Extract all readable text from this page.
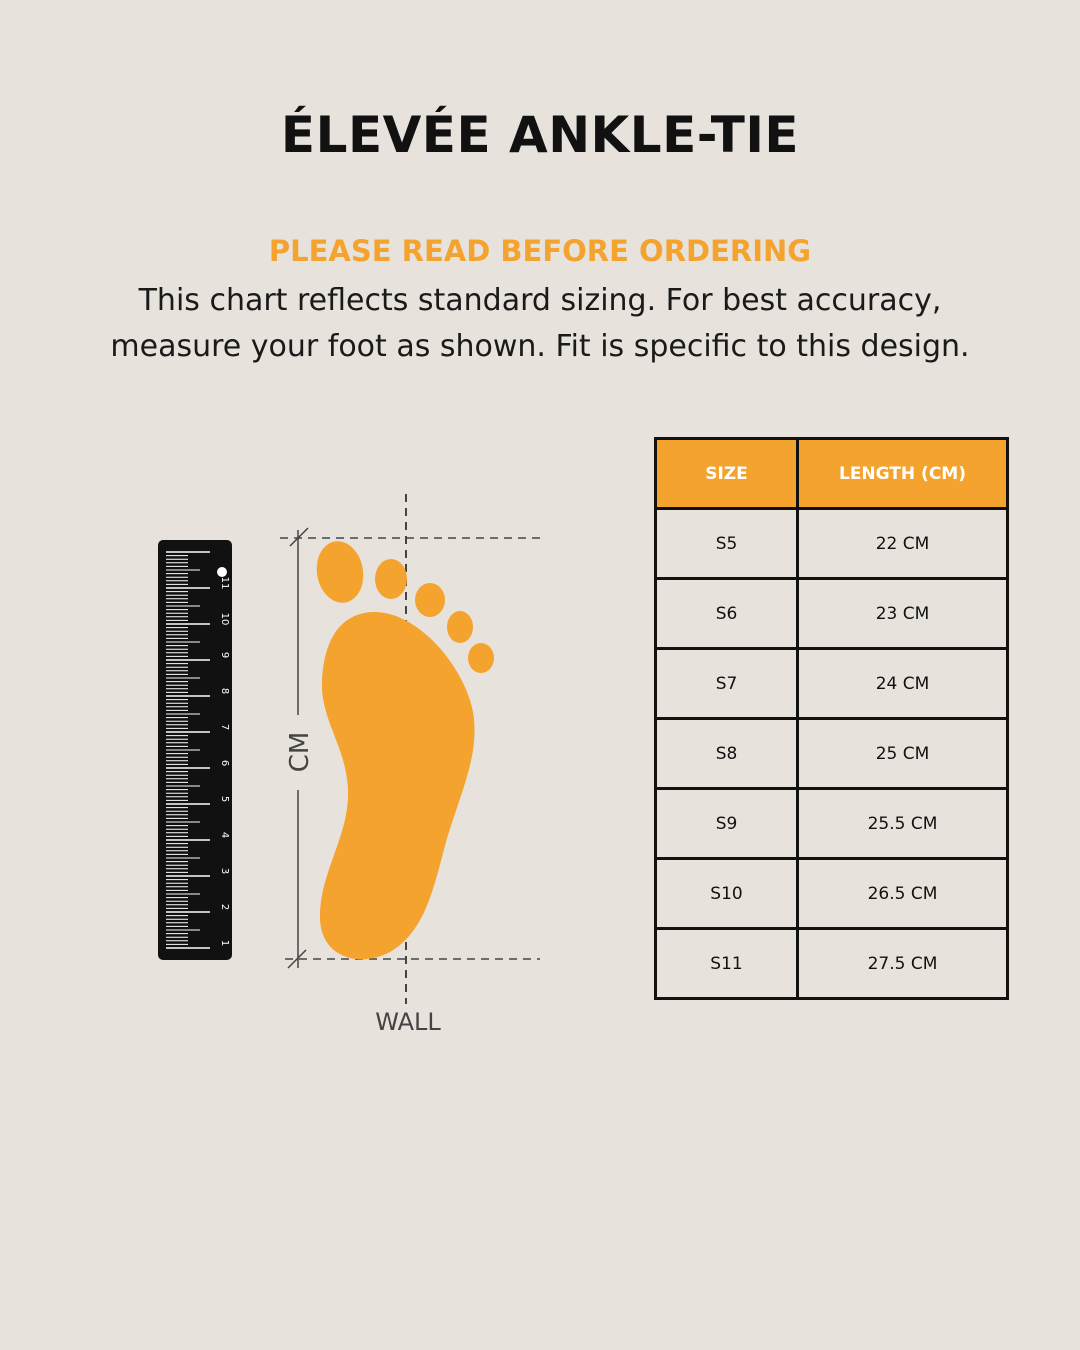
ÉLEVÉE ANKLE-TIE
PLEASE READ BEFORE ORDERING
This chart reflects standard sizing. For best accuracy, measure your foot as shown. Fit is specific to this design.
1
2
3
4
5
6
7
8
9
10
11
CM
WALL
SIZE	LENGTH (CM)
S5	22 CM
S6	23 CM
S7	24 CM
S8	25 CM
S9	25.5 CM
S10	26.5 CM
S11	27.5 CM
